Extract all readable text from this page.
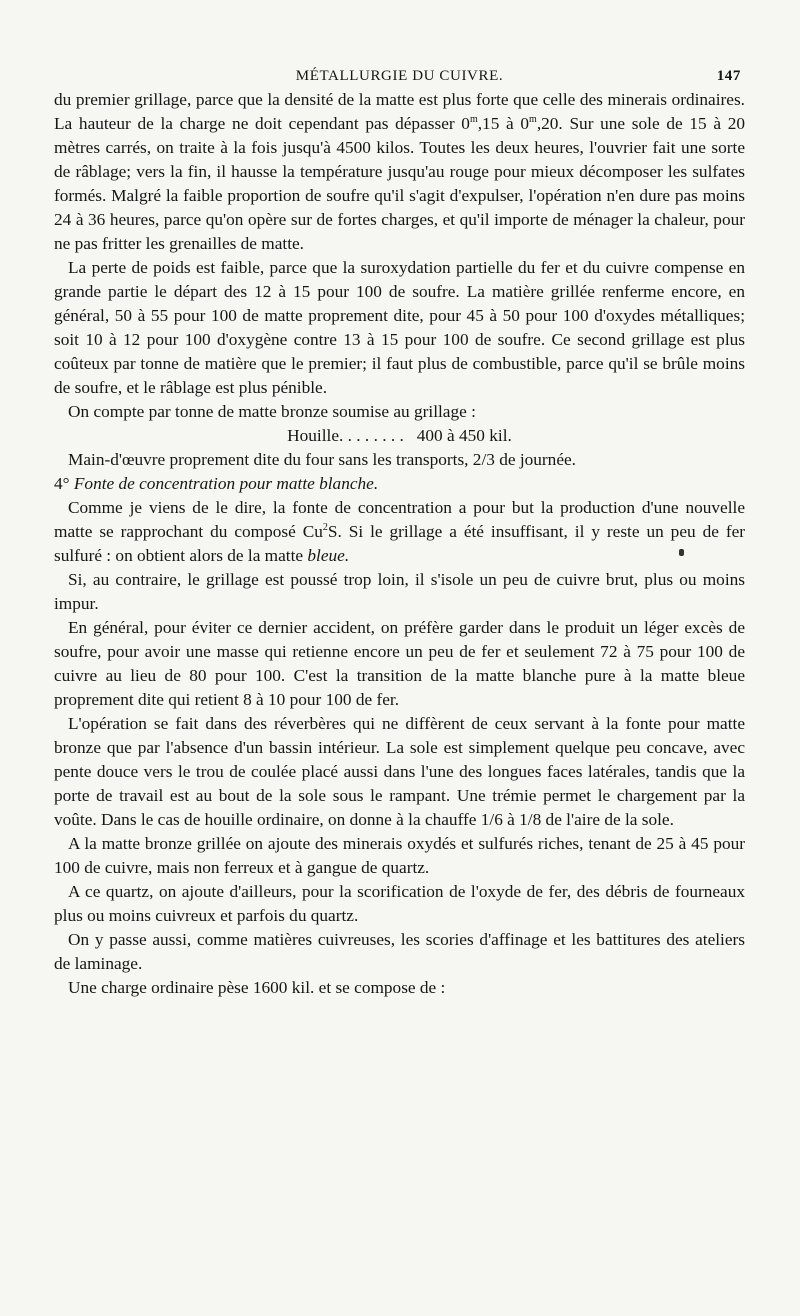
MÉTALLURGIE DU CUIVRE.	147

du premier grillage, parce que la densité de la matte est plus forte que celle des minerais ordinaires. La hauteur de la charge ne doit cependant pas dépasser 0$^m$,15 à 0$^m$,20. Sur une sole de 15 à 20 mètres carrés, on traite à la fois jusqu'à 4500 kilos. Toutes les deux heures, l'ouvrier fait une sorte de râblage; vers la fin, il hausse la température jusqu'au rouge pour mieux décomposer les sulfates formés. Malgré la faible proportion de soufre qu'il s'agit d'expulser, l'opération n'en dure pas moins 24 à 36 heures, parce qu'on opère sur de fortes charges, et qu'il importe de ménager la chaleur, pour ne pas fritter les grenailles de matte.

La perte de poids est faible, parce que la suroxydation partielle du fer et du cuivre compense en grande partie le départ des 12 à 15 pour 100 de soufre. La matière grillée renferme encore, en général, 50 à 55 pour 100 de matte proprement dite, pour 45 à 50 pour 100 d'oxydes métalliques; soit 10 à 12 pour 100 d'oxygène contre 13 à 15 pour 100 de soufre. Ce second grillage est plus coûteux par tonne de matière que le premier; il faut plus de combustible, parce qu'il se brûle moins de soufre, et le râblage est plus pénible.

On compte par tonne de matte bronze soumise au grillage :

Houille. . . . . . . .   400 à 450 kil.

Main-d'œuvre proprement dite du four sans les transports, 2/3 de journée.

4° Fonte de concentration pour matte blanche.

Comme je viens de le dire, la fonte de concentration a pour but la production d'une nouvelle matte se rapprochant du composé Cu$^2$S. Si le grillage a été insuffisant, il y reste un peu de fer sulfuré : on obtient alors de la matte bleue.

Si, au contraire, le grillage est poussé trop loin, il s'isole un peu de cuivre brut, plus ou moins impur.

En général, pour éviter ce dernier accident, on préfère garder dans le produit un léger excès de soufre, pour avoir une masse qui retienne encore un peu de fer et seulement 72 à 75 pour 100 de cuivre au lieu de 80 pour 100. C'est la transition de la matte blanche pure à la matte bleue proprement dite qui retient 8 à 10 pour 100 de fer.

L'opération se fait dans des réverbères qui ne diffèrent de ceux servant à la fonte pour matte bronze que par l'absence d'un bassin intérieur. La sole est simplement quelque peu concave, avec pente douce vers le trou de coulée placé aussi dans l'une des longues faces latérales, tandis que la porte de travail est au bout de la sole sous le rampant. Une trémie permet le chargement par la voûte. Dans le cas de houille ordinaire, on donne à la chauffe 1/6 à 1/8 de l'aire de la sole.

A la matte bronze grillée on ajoute des minerais oxydés et sulfurés riches, tenant de 25 à 45 pour 100 de cuivre, mais non ferreux et à gangue de quartz.

A ce quartz, on ajoute d'ailleurs, pour la scorification de l'oxyde de fer, des débris de fourneaux plus ou moins cuivreux et parfois du quartz.

On y passe aussi, comme matières cuivreuses, les scories d'affinage et les battitures des ateliers de laminage.

Une charge ordinaire pèse 1600 kil. et se compose de :
